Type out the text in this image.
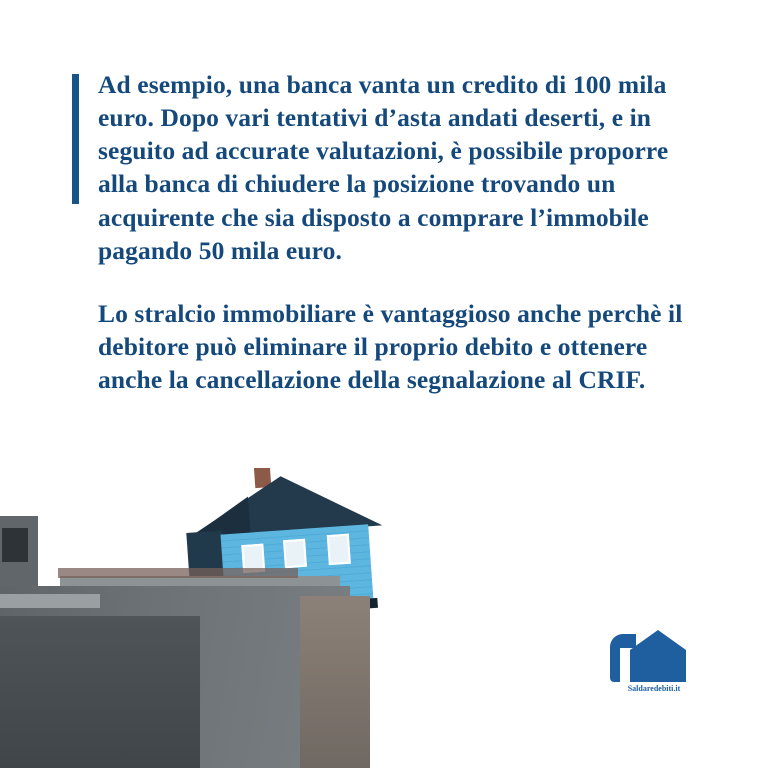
Ad esempio, una banca vanta un credito di 100 mila euro. Dopo vari tentativi d’asta andati deserti, e in seguito ad accurate valutazioni, è possibile proporre alla banca di chiudere la posizione trovando un acquirente che sia disposto a comprare l’immobile pagando 50 mila euro.

Lo stralcio immobiliare è vantaggioso anche perchè il debitore può eliminare il proprio debito e ottenere anche la cancellazione della segnalazione al CRIF.

Saldaredebiti.it
